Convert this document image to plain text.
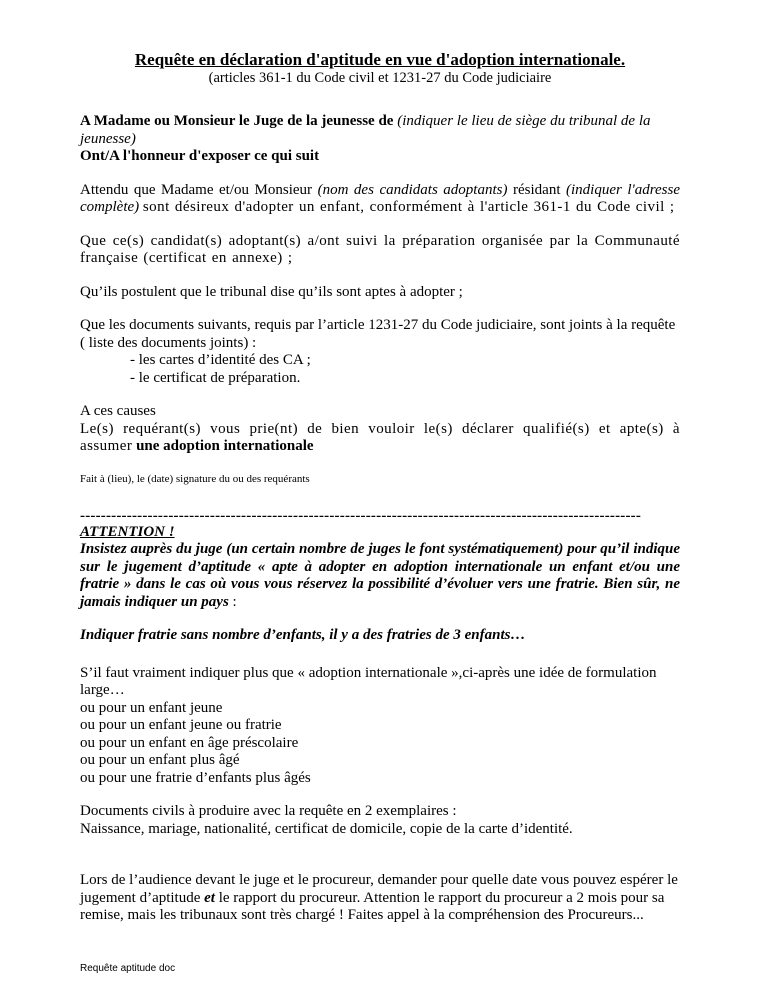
Requête en déclaration d'aptitude en vue d'adoption internationale.
(articles 361-1 du Code civil et 1231-27 du Code judiciaire

A Madame ou Monsieur le Juge de la jeunesse de (indiquer le lieu de siège du tribunal de la jeunesse)
Ont/A l'honneur d'exposer ce qui suit

Attendu que Madame et/ou Monsieur (nom des candidats adoptants) résidant (indiquer l'adresse complète) sont désireux d'adopter un enfant, conformément à l'article 361-1 du Code civil ;

Que ce(s) candidat(s) adoptant(s) a/ont suivi la préparation organisée par la Communauté française (certificat en annexe) ;

Qu’ils postulent que le tribunal dise qu’ils sont aptes à adopter ;

Que les documents suivants, requis par l’article 1231-27 du Code judiciaire, sont joints à la requête ( liste des documents joints) :

- les cartes d’identité des CA ;
- le certificat de préparation.

A ces causes
Le(s) requérant(s) vous prie(nt) de bien vouloir le(s) déclarer qualifié(s) et apte(s) à assumer une adoption internationale

Fait à (lieu), le (date) signature du ou des requérants

------------------------------------------------------------------------------------------------------------

ATTENTION !
Insistez auprès du juge (un certain nombre de juges le font systématiquement) pour qu’il indique sur le jugement d’aptitude « apte à adopter en adoption internationale un enfant et/ou une fratrie » dans le cas où vous vous réservez la possibilité d’évoluer vers une fratrie. Bien sûr, ne jamais indiquer un pays :

Indiquer fratrie sans nombre d’enfants, il y a des fratries de 3 enfants…

S’il faut vraiment indiquer plus que « adoption internationale »,ci-après une idée de formulation large…

ou pour un enfant jeune
ou pour un enfant jeune ou fratrie
ou pour un enfant en âge préscolaire
ou pour un enfant plus âgé
ou pour une fratrie d’enfants plus âgés

Documents civils à produire avec la requête en 2 exemplaires :
Naissance, mariage, nationalité, certificat de domicile, copie de la carte d’identité.

Lors de l’audience devant le juge et le procureur, demander pour quelle date vous pouvez espérer le jugement d’aptitude et le rapport du procureur. Attention le rapport du procureur a 2 mois pour sa remise, mais les tribunaux sont très chargé ! Faites appel à la compréhension des Procureurs...

Requête aptitude doc
